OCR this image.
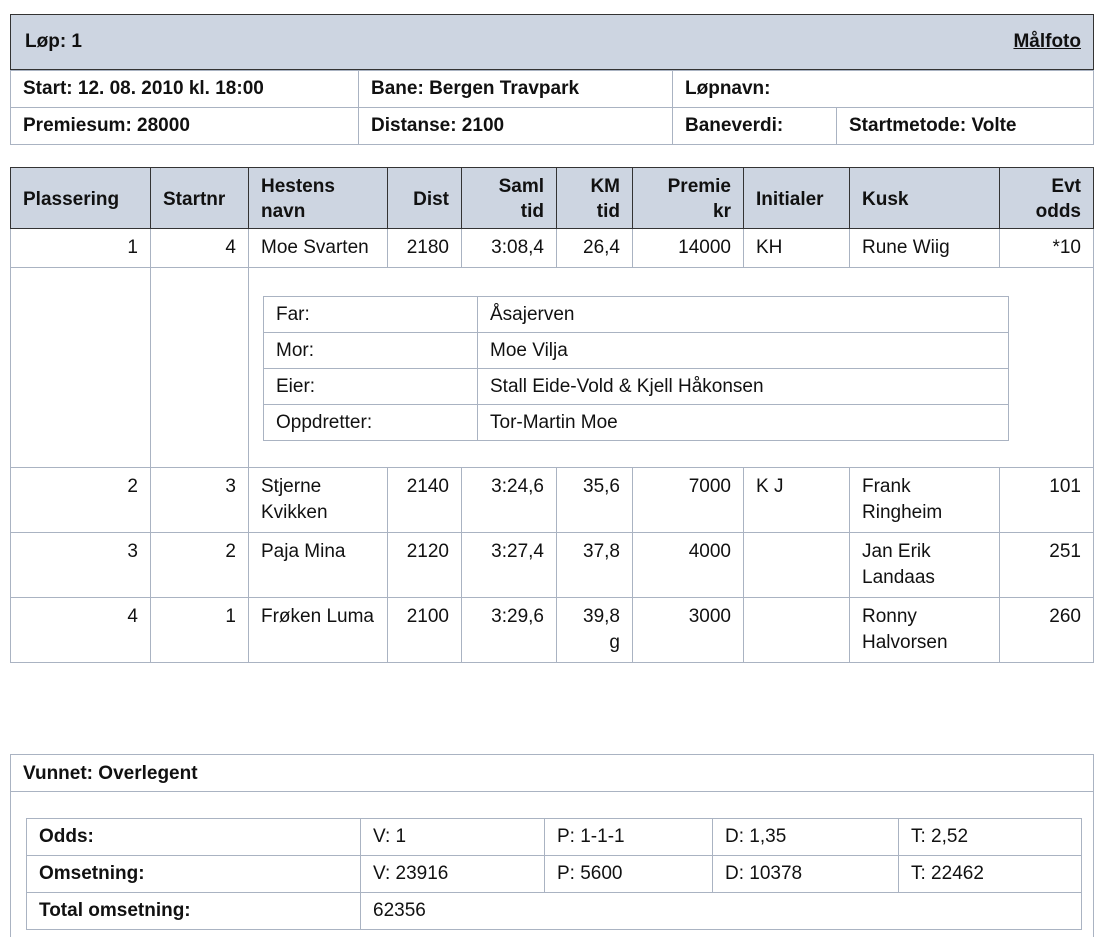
Løp: 1	Målfoto
Start: 12. 08. 2010 kl. 18:00	Bane: Bergen Travpark	Løpnavn:	
Premiesum: 28000	Distanse: 2100	Baneverdi:	Startmetode: Volte
Plassering	Startnr	Hestens navn	Dist	Saml tid	KM tid	Premie kr	Initialer	Kusk	Evt odds
1	4	Moe Svarten	2180	3:08,4	26,4	14000	KH	Rune Wiig	*10

Far:	Åsajerven
Mor:	Moe Vilja
Eier:	Stall Eide-Vold & Kjell Håkonsen
Oppdretter:	Tor-Martin Moe

2	3	Stjerne Kvikken	2140	3:24,6	35,6	7000	K J	Frank Ringheim	101
3	2	Paja Mina	2120	3:27,4	37,8	4000		Jan Erik Landaas	251
4	1	Frøken Luma	2100	3:29,6	39,8 g	3000		Ronny Halvorsen	260
Vunnet: Overlegent
Odds:	V: 1	P: 1-1-1	D: 1,35	T: 2,52
Omsetning:	V: 23916	P: 5600	D: 10378	T: 22462
Total omsetning:	62356			
